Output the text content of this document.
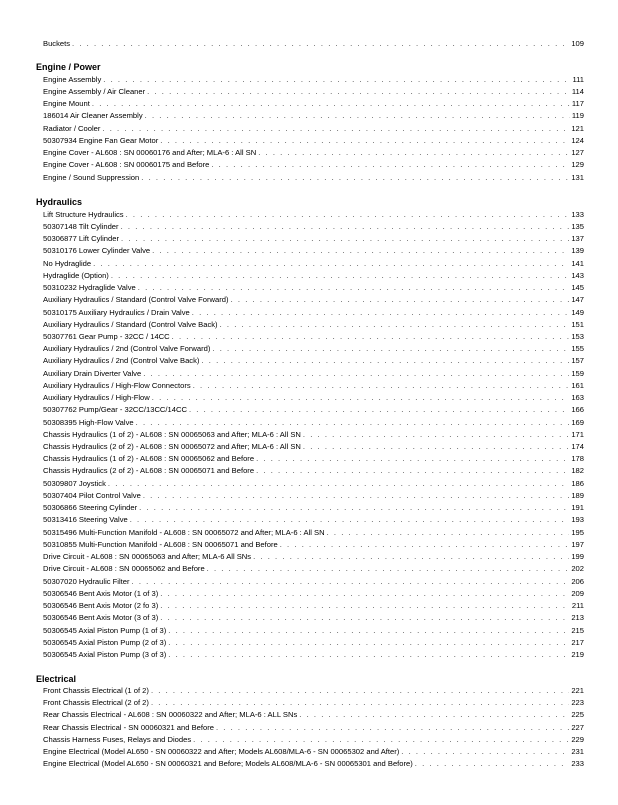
Buckets . . .	109
Engine / Power
Engine Assembly . . .	111
Engine Assembly / Air Cleaner . . .	114
Engine Mount . . .	117
186014 Air Cleaner Assembly . . .	119
Radiator / Cooler . . .	121
50307934 Engine Fan Gear Motor . . .	124
Engine Cover - AL608 : SN 00060176 and After; MLA-6 : All SN . . .	127
Engine Cover - AL608 : SN 00060175 and Before . . .	129
Engine / Sound Suppression . . .	131
Hydraulics
Lift Structure Hydraulics . . .	133
50307148 Tilt Cylinder . . .	135
50306877 Lift Cylinder . . .	137
50310176 Lower Cylinder Valve . . .	139
No Hydraglide . . .	141
Hydraglide (Option) . . .	143
50310232 Hydraglide Valve . . .	145
Auxiliary Hydraulics / Standard (Control Valve Forward) . . .	147
50310175 Auxiliary Hydraulics / Drain Valve . . .	149
Auxiliary Hydraulics / Standard (Control Valve Back) . . .	151
50307761 Gear Pump - 32CC / 14CC . . .	153
Auxiliary Hydraulics / 2nd (Control Valve Forward) . . .	155
Auxiliary Hydraulics / 2nd (Control Valve Back) . . .	157
Auxiliary Drain Diverter Valve . . .	159
Auxiliary Hydraulics / High-Flow Connectors . . .	161
Auxiliary Hydraulics / High-Flow . . .	163
50307762 Pump/Gear - 32CC/13CC/14CC . . .	166
50308395 High-Flow Valve . . .	169
Chassis Hydraulics (1 of 2) - AL608 : SN 00065063 and After; MLA-6 : All SN . . .	171
Chassis Hydraulics (2 of 2) - AL608 : SN 00065072 and After; MLA-6 : All SN . . .	174
Chassis Hydraulics (1 of 2) - AL608 : SN 00065062 and Before . . .	178
Chassis Hydraulics (2 of 2) - AL608 : SN 00065071 and Before . . .	182
50309807 Joystick . . .	186
50307404 Pilot Control Valve . . .	189
50306866 Steering Cylinder . . .	191
50313416 Steering Valve . . .	193
50315496 Multi-Function Manifold - AL608 : SN 00065072 and After; MLA-6 : All SN . . .	195
50310855 Multi-Function Manifold - AL608 : SN 00065071 and Before . . .	197
Drive Circuit - AL608 : SN 00065063 and After; MLA-6 All SNs . . .	199
Drive Circuit - AL608 : SN 00065062 and Before . . .	202
50307020 Hydraulic Filter . . .	206
50306546 Bent Axis Motor (1 of 3) . . .	209
50306546 Bent Axis Motor (2 fo 3) . . .	211
50306546 Bent Axis Motor (3 of 3) . . .	213
50306545 Axial Piston Pump (1 of 3) . . .	215
50306545 Axial Piston Pump (2 of 3) . . .	217
50306545 Axial Piston Pump (3 of 3) . . .	219
Electrical
Front Chassis Electrical (1 of 2) . . .	221
Front Chassis Electrical (2 of 2) . . .	223
Rear Chassis Electrical - AL608 : SN 00060322 and After; MLA-6 : ALL SNs . . .	225
Rear Chassis Electrical - SN 00060321 and Before . . .	227
Chassis Harness Fuses, Relays and Diodes . . .	229
Engine Electrical (Model AL650 - SN 00060322 and After; Models AL608/MLA-6 - SN 00065302 and After) . . .	231
Engine Electrical (Model AL650 - SN 00060321 and Before; Models AL608/MLA-6 - SN 00065301 and Before) . . .	233
